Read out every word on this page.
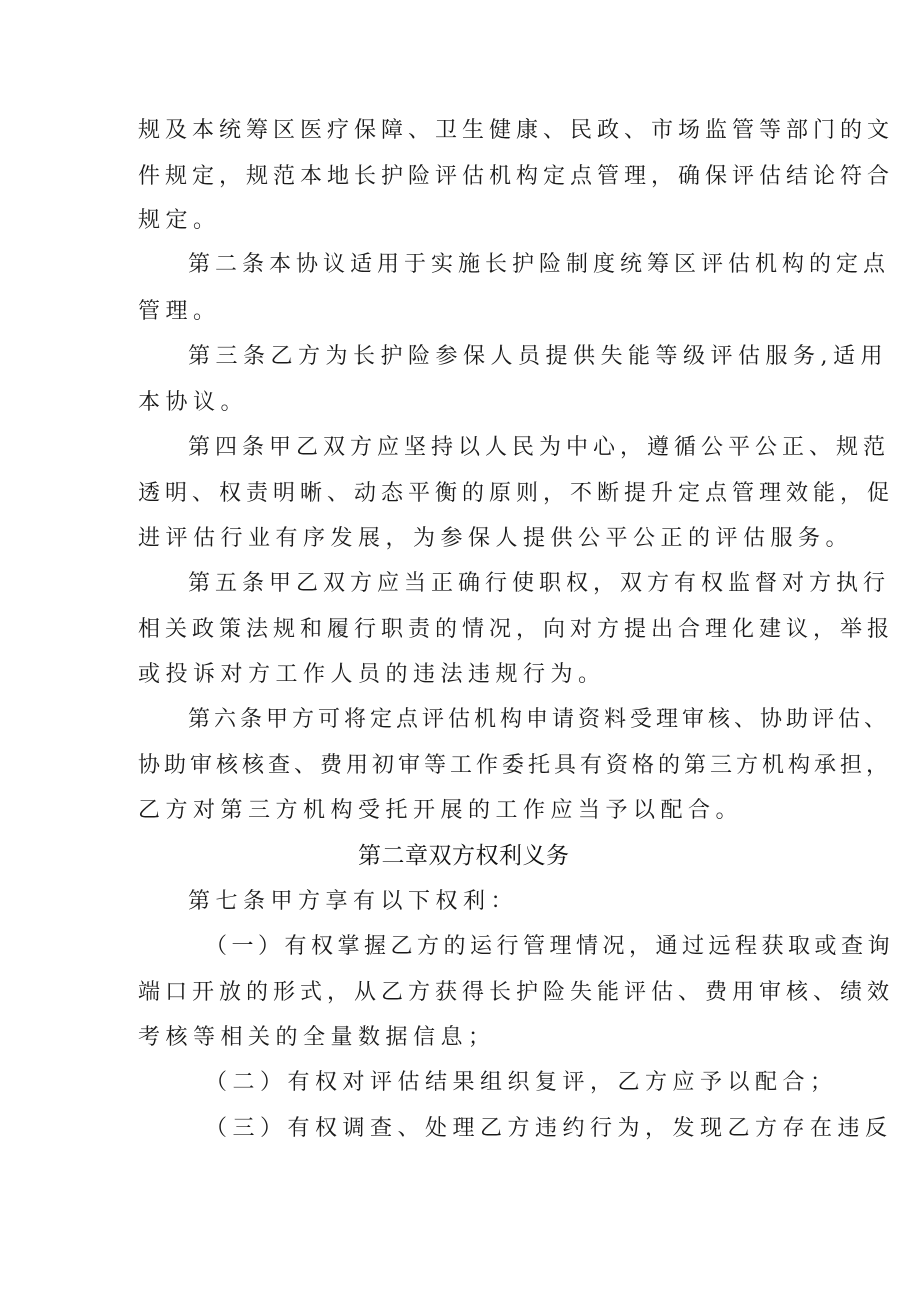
规及本统筹区医疗保障、卫生健康、民政、市场监管等部门的文
件规定，规范本地长护险评估机构定点管理，确保评估结论符合
规定。
第二条本协议适用于实施长护险制度统筹区评估机构的定点
管理。
第三条乙方为长护险参保人员提供失能等级评估服务,适用
本协议。
第四条甲乙双方应坚持以人民为中心，遵循公平公正、规范
透明、权责明晰、动态平衡的原则，不断提升定点管理效能，促
进评估行业有序发展，为参保人提供公平公正的评估服务。
第五条甲乙双方应当正确行使职权，双方有权监督对方执行
相关政策法规和履行职责的情况，向对方提出合理化建议，举报
或投诉对方工作人员的违法违规行为。
第六条甲方可将定点评估机构申请资料受理审核、协助评估、
协助审核核查、费用初审等工作委托具有资格的第三方机构承担，
乙方对第三方机构受托开展的工作应当予以配合。
第二章双方权利义务
第七条甲方享有以下权利：
（一）有权掌握乙方的运行管理情况，通过远程获取或查询
端口开放的形式，从乙方获得长护险失能评估、费用审核、绩效
考核等相关的全量数据信息；
（二）有权对评估结果组织复评，乙方应予以配合；
（三）有权调查、处理乙方违约行为，发现乙方存在违反
